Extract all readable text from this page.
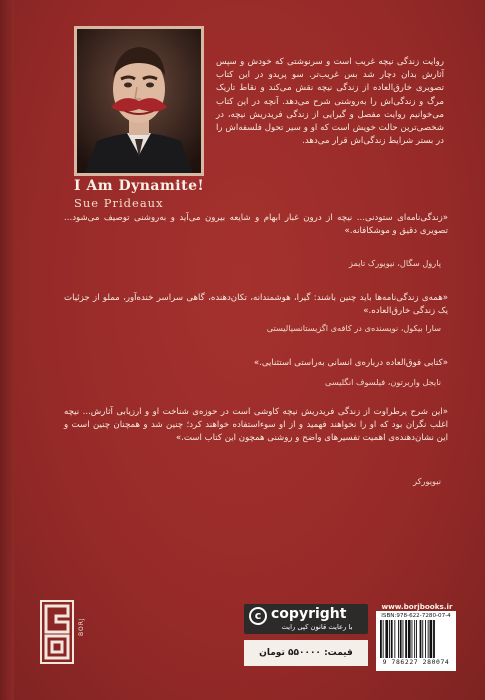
I Am Dynamite!
Sue Prideaux
روایت زندگی نیچه غریب است و سرنوشتی که خودش و سپس آثارش بدان دچار شد بس غریب‌تر. سو پریدو در این کتاب تصویری خارق‌العاده از زندگی نیچه نقش می‌کند و نقاط تاریک مرگ و زندگی‌اش را به‌روشنی شرح می‌دهد. آنچه در این کتاب می‌خوانیم روایت مفصل و گیرایی از زندگی فریدریش نیچه، در شخصی‌ترین حالت خویش است که او و سیر تحول فلسفه‌اش را در بستر شرایط زندگی‌اش قرار می‌دهد.
«زندگی‌نامه‌ای ستودنی... نیچه از درون غبار ابهام و شایعه بیرون می‌آید و به‌روشنی توصیف می‌شود... تصویری دقیق و موشکافانه.»
پارول سگال، نیویورک تایمز
«همه‌ی زندگی‌نامه‌ها باید چنین باشند: گیرا، هوشمندانه، تکان‌دهنده، گاهی سراسر خنده‌آور، مملو از جزئیات یک زندگی خارق‌العاده.»
سارا بیکول، نویسنده‌ی در کافه‌ی اگزیستانسیالیستی
«کتابی فوق‌العاده درباره‌ی انسانی به‌راستی استثنایی.»
نایجل واربرتون، فیلسوف انگلیسی
«این شرح پرطراوت از زندگی فریدریش نیچه کاوشی است در حوزه‌ی شناخت او و ارزیابی آثارش... نیچه اغلب نگران بود که او را نخواهند فهمید و از او سوءاستفاده خواهند کرد؛ چنین شد و همچنان چنین است و این نشان‌دهنده‌ی اهمیت تفسیرهای واضح و روشنی همچون این کتاب است.»
نیویورکر
BORJ
c copyright
با رعایت قانون کپی رایت
قیمت: ۵۵۰۰۰۰ تومان
www.borjbooks.ir
ISBN:978-622-7280-07-4
9 786227 280074
